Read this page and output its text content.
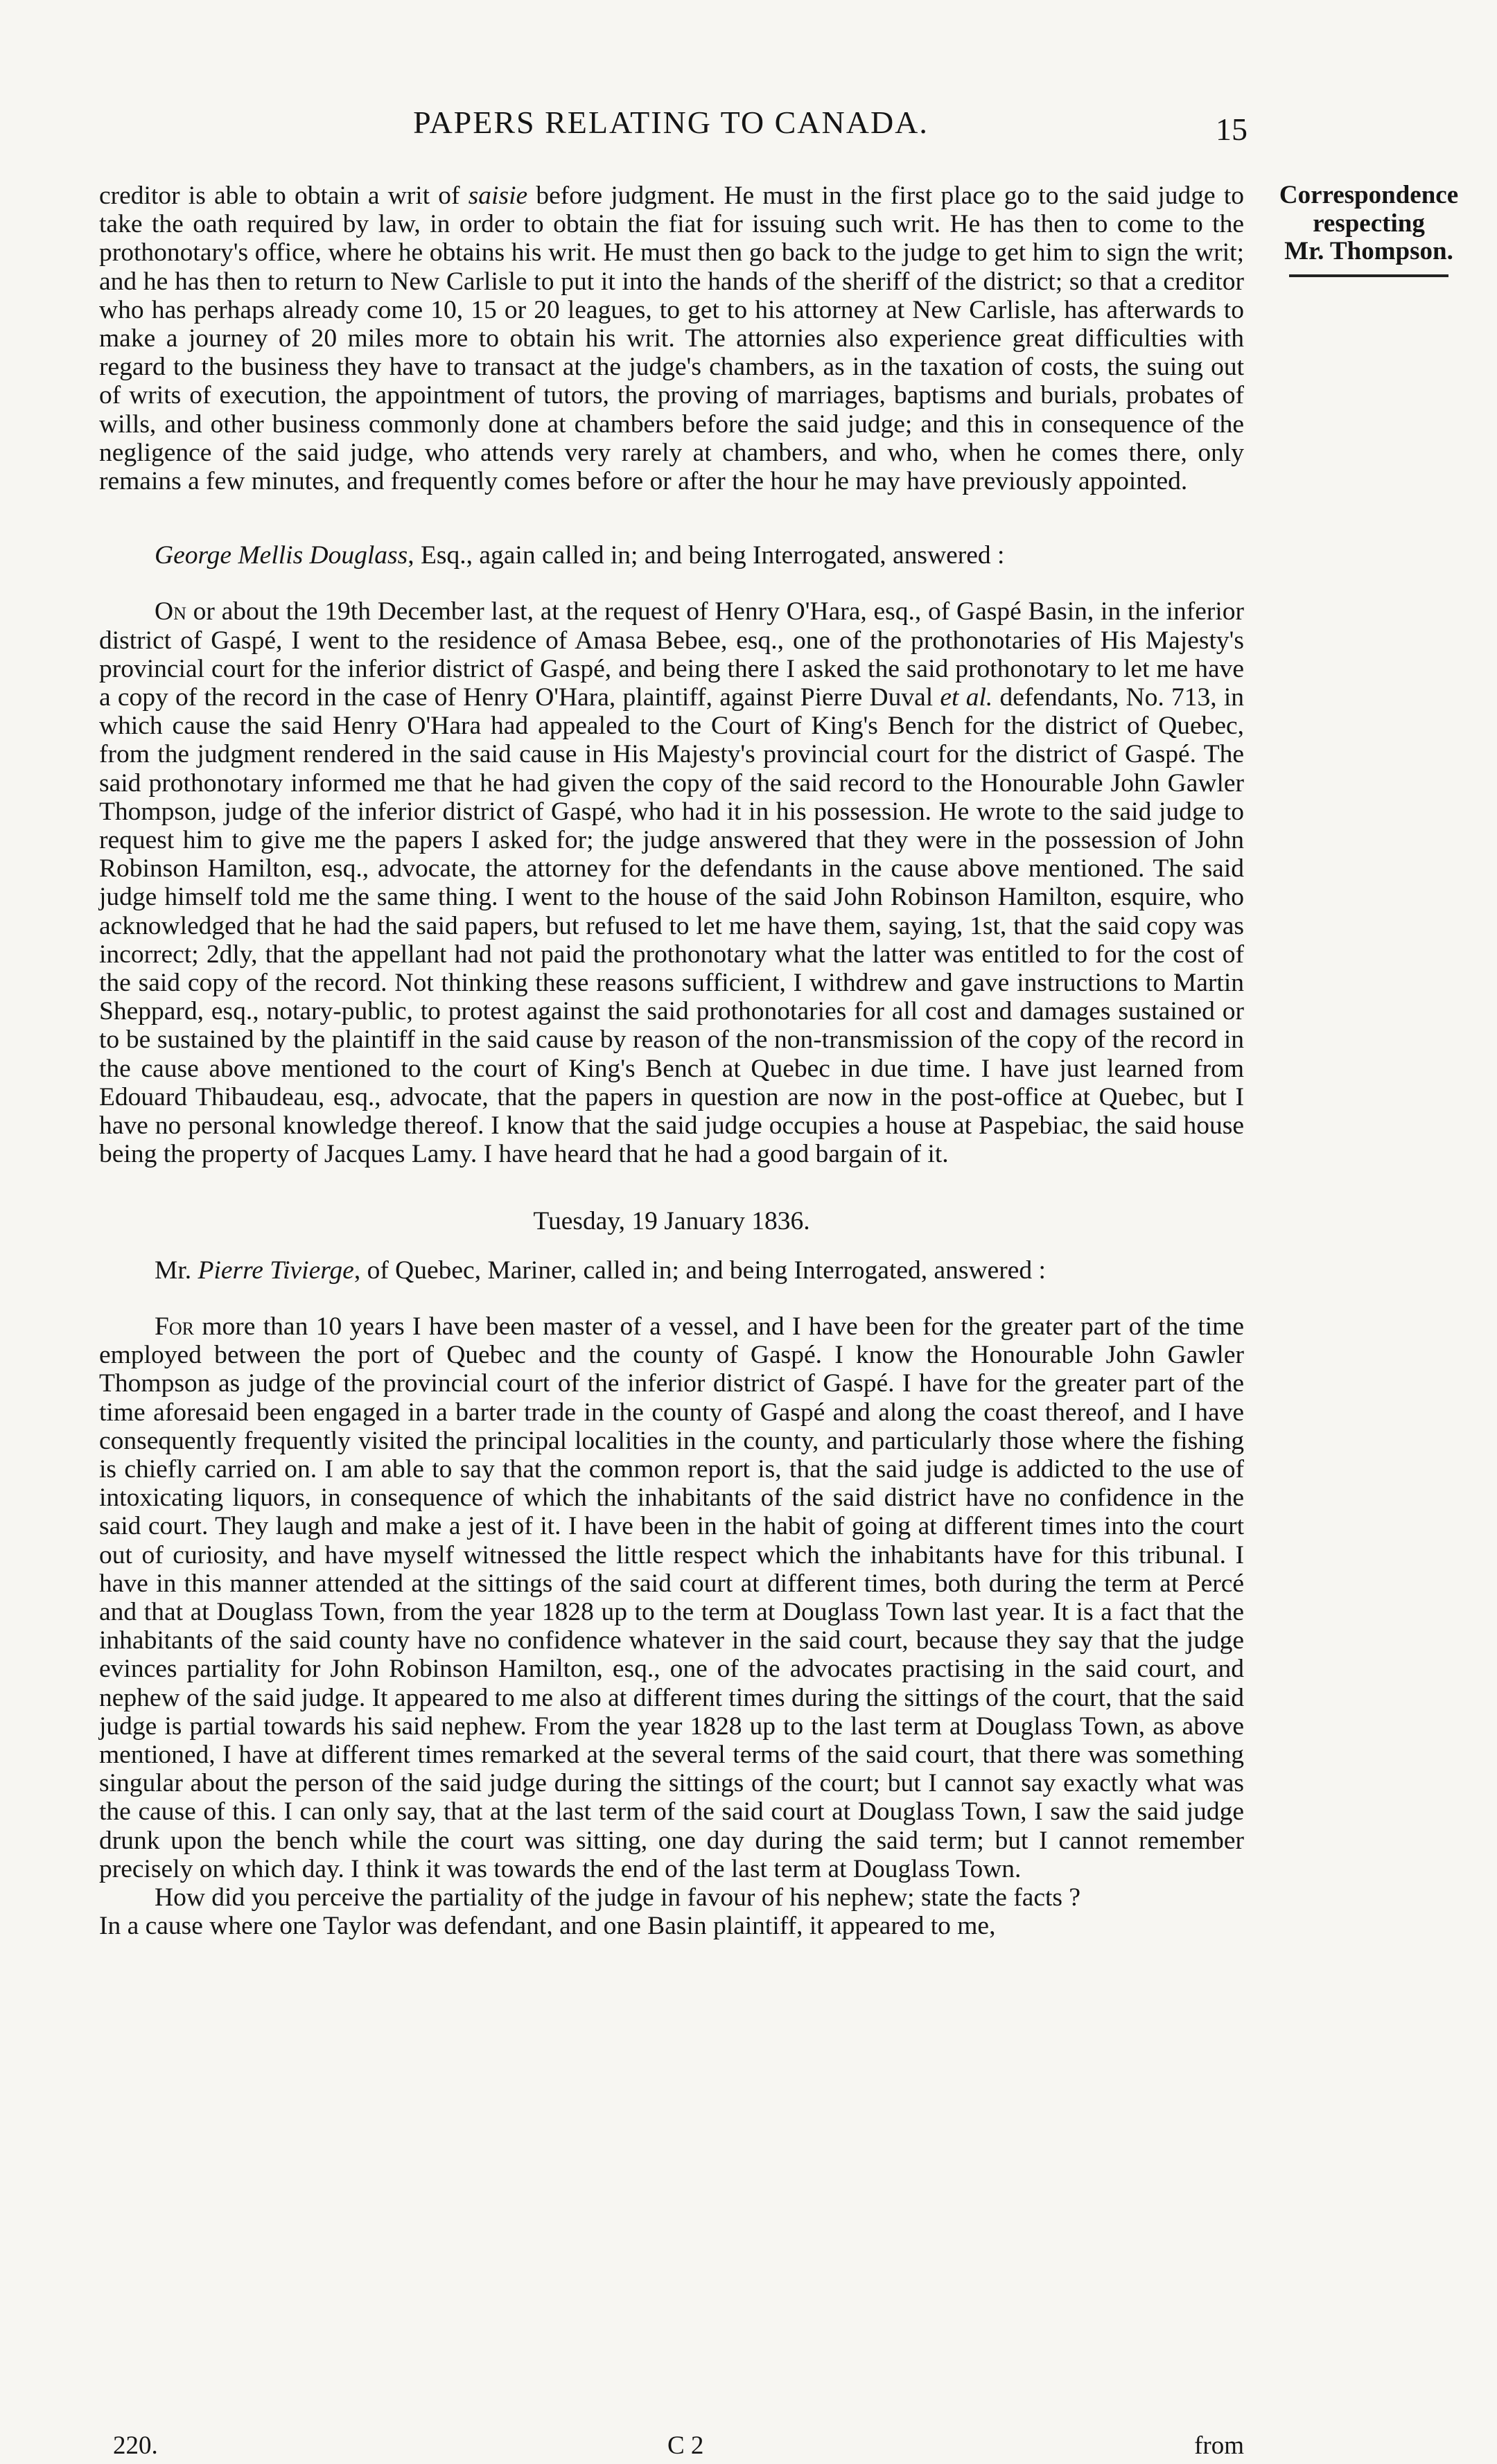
PAPERS RELATING TO CANADA.	15
Correspondence
respecting
Mr. Thompson.

creditor is able to obtain a writ of saisie before judgment. He must in the first place go to the said judge to take the oath required by law, in order to obtain the fiat for issuing such writ. He has then to come to the prothonotary's office, where he obtains his writ. He must then go back to the judge to get him to sign the writ; and he has then to return to New Carlisle to put it into the hands of the sheriff of the district; so that a creditor who has perhaps already come 10, 15 or 20 leagues, to get to his attorney at New Carlisle, has afterwards to make a journey of 20 miles more to obtain his writ. The attornies also experience great difficulties with regard to the business they have to transact at the judge's chambers, as in the taxation of costs, the suing out of writs of execution, the appointment of tutors, the proving of marriages, baptisms and burials, probates of wills, and other business commonly done at chambers before the said judge; and this in consequence of the negligence of the said judge, who attends very rarely at chambers, and who, when he comes there, only remains a few minutes, and frequently comes before or after the hour he may have previously appointed.

George Mellis Douglass, Esq., again called in; and being Interrogated, answered :

On or about the 19th December last, at the request of Henry O'Hara, esq., of Gaspé Basin, in the inferior district of Gaspé, I went to the residence of Amasa Bebee, esq., one of the prothonotaries of His Majesty's provincial court for the inferior district of Gaspé, and being there I asked the said prothonotary to let me have a copy of the record in the case of Henry O'Hara, plaintiff, against Pierre Duval et al. defendants, No. 713, in which cause the said Henry O'Hara had appealed to the Court of King's Bench for the district of Quebec, from the judgment rendered in the said cause in His Majesty's provincial court for the district of Gaspé. The said prothonotary informed me that he had given the copy of the said record to the Honourable John Gawler Thompson, judge of the inferior district of Gaspé, who had it in his possession. He wrote to the said judge to request him to give me the papers I asked for; the judge answered that they were in the possession of John Robinson Hamilton, esq., advocate, the attorney for the defendants in the cause above mentioned. The said judge himself told me the same thing. I went to the house of the said John Robinson Hamilton, esquire, who acknowledged that he had the said papers, but refused to let me have them, saying, 1st, that the said copy was incorrect; 2dly, that the appellant had not paid the prothonotary what the latter was entitled to for the cost of the said copy of the record. Not thinking these reasons sufficient, I withdrew and gave instructions to Martin Sheppard, esq., notary-public, to protest against the said prothonotaries for all cost and damages sustained or to be sustained by the plaintiff in the said cause by reason of the non-transmission of the copy of the record in the cause above mentioned to the court of King's Bench at Quebec in due time. I have just learned from Edouard Thibaudeau, esq., advocate, that the papers in question are now in the post-office at Quebec, but I have no personal knowledge thereof. I know that the said judge occupies a house at Paspebiac, the said house being the property of Jacques Lamy. I have heard that he had a good bargain of it.

Tuesday, 19 January 1836.

Mr. Pierre Tivierge, of Quebec, Mariner, called in; and being Interrogated, answered :

For more than 10 years I have been master of a vessel, and I have been for the greater part of the time employed between the port of Quebec and the county of Gaspé. I know the Honourable John Gawler Thompson as judge of the provincial court of the inferior district of Gaspé. I have for the greater part of the time aforesaid been engaged in a barter trade in the county of Gaspé and along the coast thereof, and I have consequently frequently visited the principal localities in the county, and particularly those where the fishing is chiefly carried on. I am able to say that the common report is, that the said judge is addicted to the use of intoxicating liquors, in consequence of which the inhabitants of the said district have no confidence in the said court. They laugh and make a jest of it. I have been in the habit of going at different times into the court out of curiosity, and have myself witnessed the little respect which the inhabitants have for this tribunal. I have in this manner attended at the sittings of the said court at different times, both during the term at Percé and that at Douglass Town, from the year 1828 up to the term at Douglass Town last year. It is a fact that the inhabitants of the said county have no confidence whatever in the said court, because they say that the judge evinces partiality for John Robinson Hamilton, esq., one of the advocates practising in the said court, and nephew of the said judge. It appeared to me also at different times during the sittings of the court, that the said judge is partial towards his said nephew. From the year 1828 up to the last term at Douglass Town, as above mentioned, I have at different times remarked at the several terms of the said court, that there was something singular about the person of the said judge during the sittings of the court; but I cannot say exactly what was the cause of this. I can only say, that at the last term of the said court at Douglass Town, I saw the said judge drunk upon the bench while the court was sitting, one day during the said term; but I cannot remember precisely on which day. I think it was towards the end of the last term at Douglass Town.

How did you perceive the partiality of the judge in favour of his nephew; state the facts ?

In a cause where one Taylor was defendant, and one Basin plaintiff, it appeared to me,

220.	C 2	from
